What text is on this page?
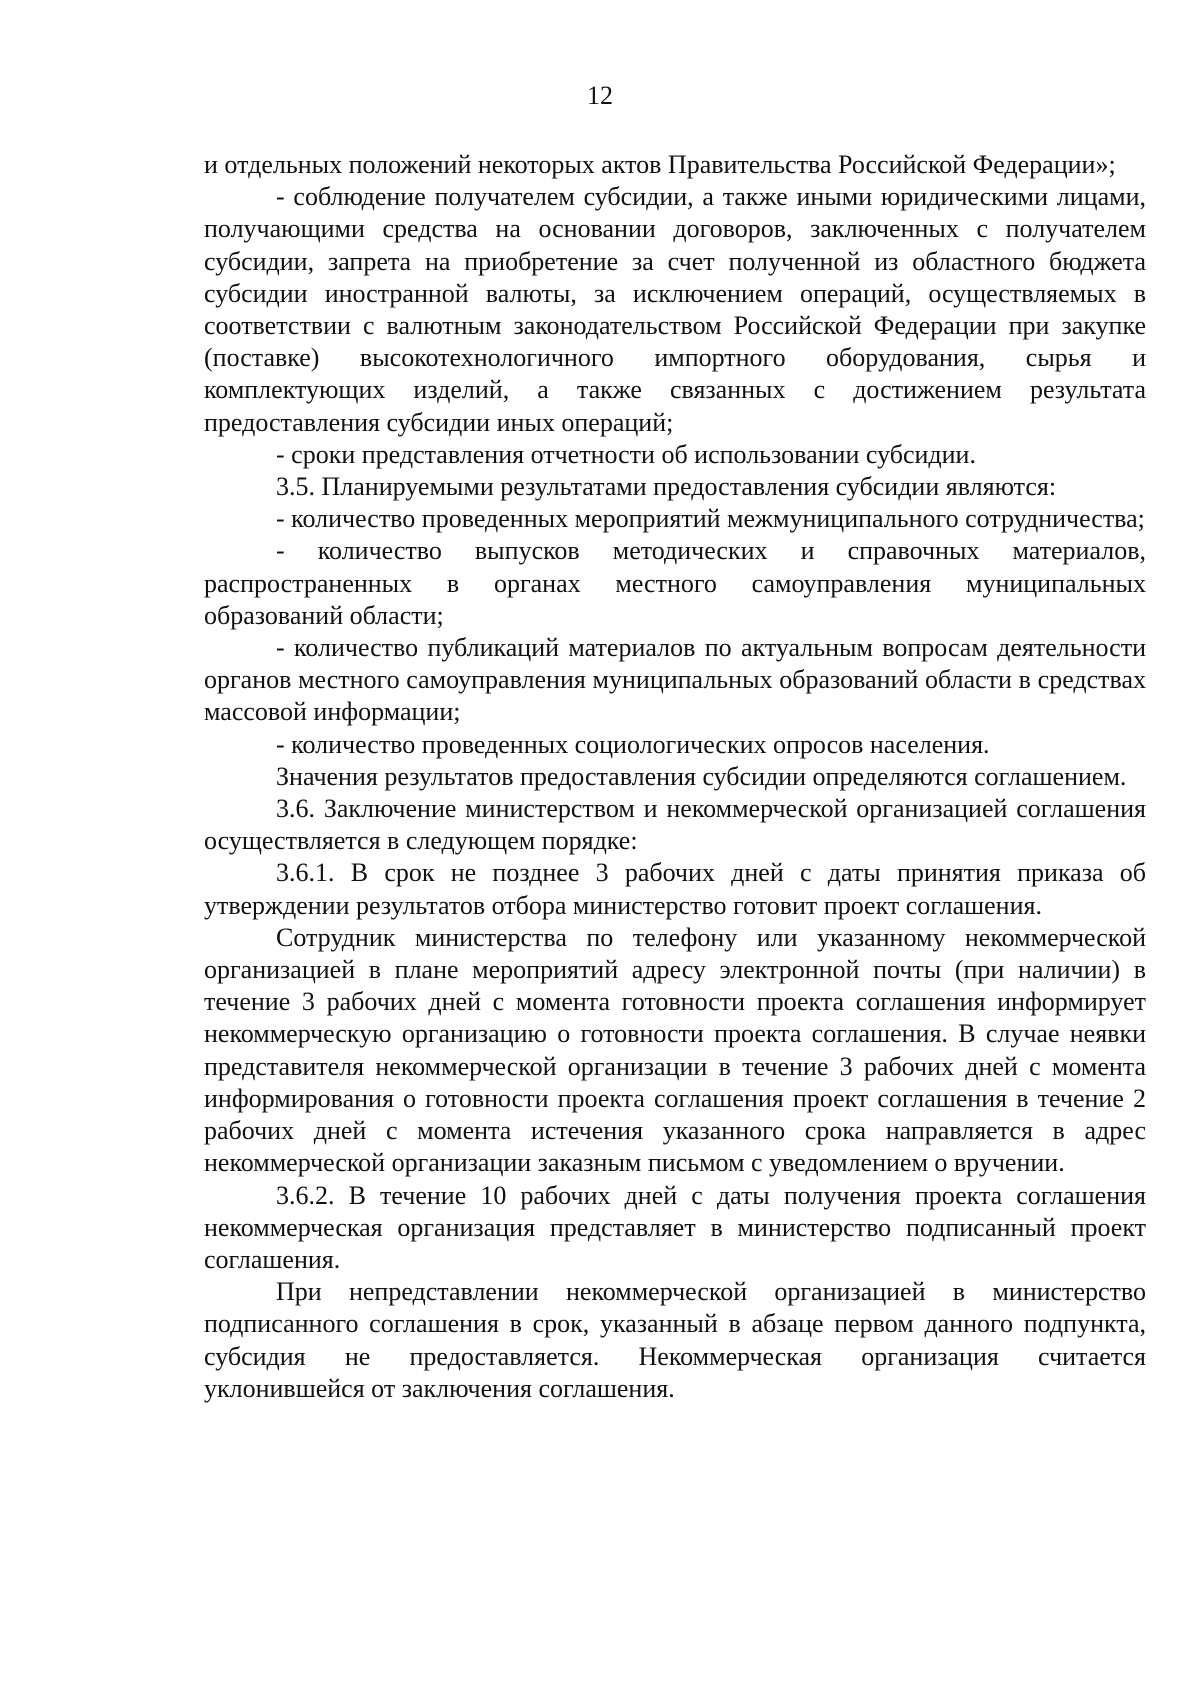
12

и отдельных положений некоторых актов Правительства Российской Федерации»;

- соблюдение получателем субсидии, а также иными юридическими лицами, получающими средства на основании договоров, заключенных с получателем субсидии, запрета на приобретение за счет полученной из областного бюджета субсидии иностранной валюты, за исключением операций, осуществляемых в соответствии с валютным законодательством Российской Федерации при закупке (поставке) высокотехнологичного импортного оборудования, сырья и комплектующих изделий, а также связанных с достижением результата предоставления субсидии иных операций;

- сроки представления отчетности об использовании субсидии.

3.5. Планируемыми результатами предоставления субсидии являются:

- количество проведенных мероприятий межмуниципального сотрудничества;

- количество выпусков методических и справочных материалов, распространенных в органах местного самоуправления муниципальных образований области;

- количество публикаций материалов по актуальным вопросам деятельности органов местного самоуправления муниципальных образований области в средствах массовой информации;

- количество проведенных социологических опросов населения.

Значения результатов предоставления субсидии определяются соглашением.

3.6. Заключение министерством и некоммерческой организацией соглашения осуществляется в следующем порядке:

3.6.1. В срок не позднее 3 рабочих дней с даты принятия приказа об утверждении результатов отбора министерство готовит проект соглашения.

Сотрудник министерства по телефону или указанному некоммерческой организацией в плане мероприятий адресу электронной почты (при наличии) в течение 3 рабочих дней с момента готовности проекта соглашения информирует некоммерческую организацию о готовности проекта соглашения. В случае неявки представителя некоммерческой организации в течение 3 рабочих дней с момента информирования о готовности проекта соглашения проект соглашения в течение 2 рабочих дней с момента истечения указанного срока направляется в адрес некоммерческой организации заказным письмом с уведомлением о вручении.

3.6.2. В течение 10 рабочих дней с даты получения проекта соглашения некоммерческая организация представляет в министерство подписанный проект соглашения.

При непредставлении некоммерческой организацией в министерство подписанного соглашения в срок, указанный в абзаце первом данного подпункта, субсидия не предоставляется. Некоммерческая организация считается уклонившейся от заключения соглашения.
